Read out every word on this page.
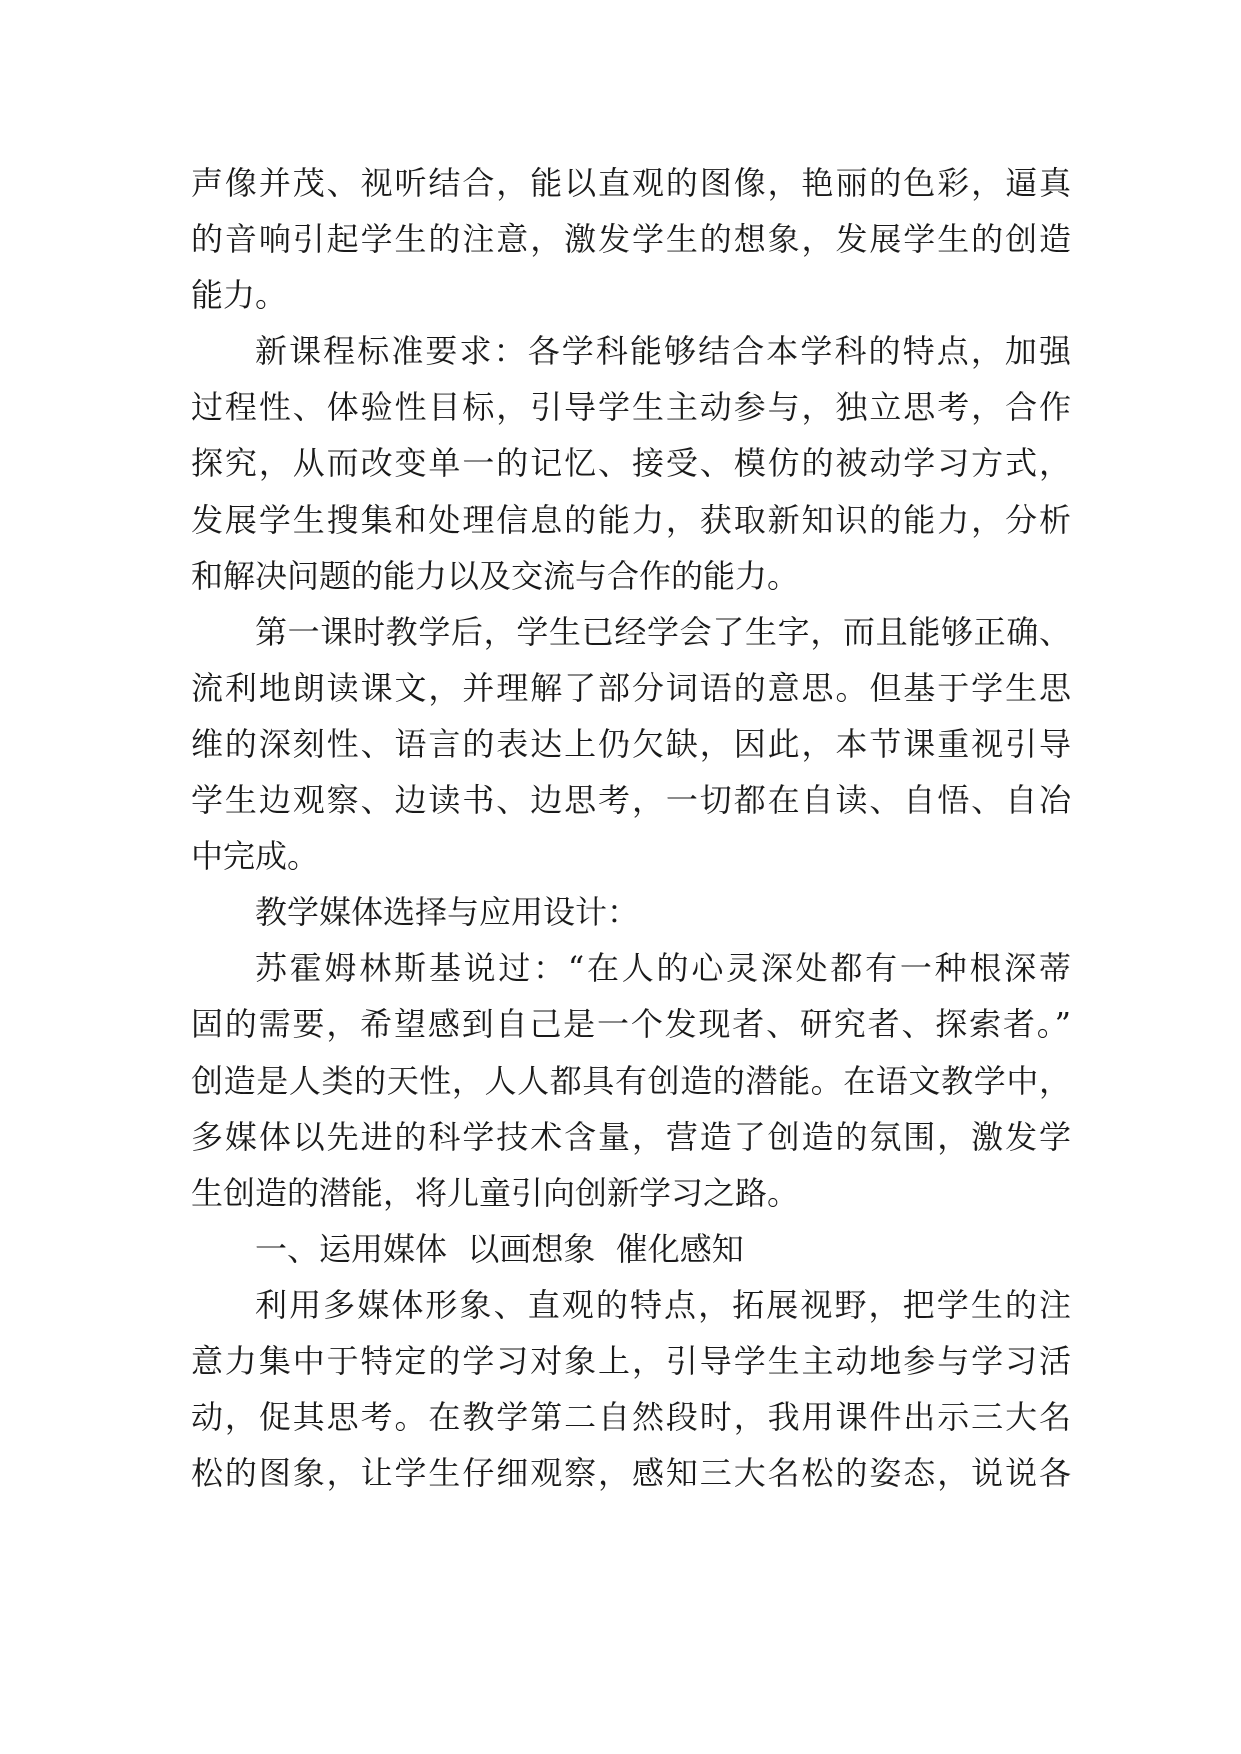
声像并茂、视听结合，能以直观的图像，艳丽的色彩，逼真
的音响引起学生的注意，激发学生的想象，发展学生的创造
能力。
新课程标准要求：各学科能够结合本学科的特点，加强
过程性、体验性目标，引导学生主动参与，独立思考，合作
探究，从而改变单一的记忆、接受、模仿的被动学习方式，
发展学生搜集和处理信息的能力，获取新知识的能力，分析
和解决问题的能力以及交流与合作的能力。
第一课时教学后，学生已经学会了生字，而且能够正确、
流利地朗读课文，并理解了部分词语的意思。但基于学生思
维的深刻性、语言的表达上仍欠缺，因此，本节课重视引导
学生边观察、边读书、边思考，一切都在自读、自悟、自冶
中完成。
教学媒体选择与应用设计：
苏霍姆林斯基说过：“在人的心灵深处都有一种根深蒂
固的需要，希望感到自己是一个发现者、研究者、探索者。”
创造是人类的天性，人人都具有创造的潜能。在语文教学中，
多媒体以先进的科学技术含量，营造了创造的氛围，激发学
生创造的潜能，将儿童引向创新学习之路。
一、运用媒体  以画想象  催化感知
利用多媒体形象、直观的特点，拓展视野，把学生的注
意力集中于特定的学习对象上，引导学生主动地参与学习活
动，促其思考。在教学第二自然段时，我用课件出示三大名
松的图象，让学生仔细观察，感知三大名松的姿态，说说各
